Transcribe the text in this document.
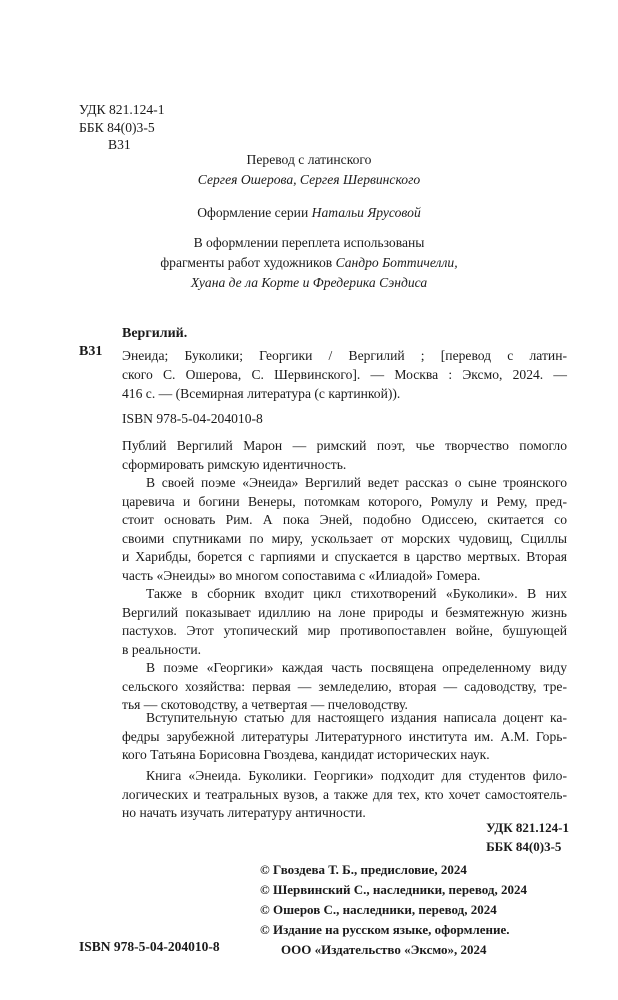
УДК 821.124-1
ББК 84(0)3-5
В31
Перевод с латинского
Сергея Ошерова, Сергея Шервинского
Оформление серии Натальи Ярусовой
В оформлении переплета использованы
фрагменты работ художников Сандро Боттичелли,
Хуана де ла Корте и Фредерика Сэндиса
Вергилий.
В31 Энеида; Буколики; Георгики / Вергилий ; [перевод с латин-
ского С. Ошерова, С. Шервинского]. — Москва : Эксмо, 2024. —
416 с. — (Всемирная литература (с картинкой)).
ISBN 978-5-04-204010-8
Публий Вергилий Марон — римский поэт, чье творчество помогло
сформировать римскую идентичность.
В своей поэме «Энеида» Вергилий ведет рассказ о сыне троянского
царевича и богини Венеры, потомкам которого, Ромулу и Рему, пред-
стоит основать Рим. А пока Эней, подобно Одиссею, скитается со
своими спутниками по миру, ускользает от морских чудовищ, Сциллы
и Харибды, борется с гарпиями и спускается в царство мертвых. Вторая
часть «Энеиды» во многом сопоставима с «Илиадой» Гомера.
Также в сборник входит цикл стихотворений «Буколики». В них
Вергилий показывает идиллию на лоне природы и безмятежную жизнь
пастухов. Этот утопический мир противопоставлен войне, бушующей
в реальности.
В поэме «Георгики» каждая часть посвящена определенному виду
сельского хозяйства: первая — земледелию, вторая — садоводству, тре-
тья — скотоводству, а четвертая — пчеловодству.
Вступительную статью для настоящего издания написала доцент ка-
федры зарубежной литературы Литературного института им. А.М. Горь-
кого Татьяна Борисовна Гвоздева, кандидат исторических наук.
Книга «Энеида. Буколики. Георгики» подходит для студентов фило-
логических и театральных вузов, а также для тех, кто хочет самостоятель-
но начать изучать литературу античности.
УДК 821.124-1
ББК 84(0)3-5
© Гвоздева Т. Б., предисловие, 2024
© Шервинский С., наследники, перевод, 2024
© Ошеров С., наследники, перевод, 2024
© Издание на русском языке, оформление.
ООО «Издательство «Эксмо», 2024
ISBN 978-5-04-204010-8
